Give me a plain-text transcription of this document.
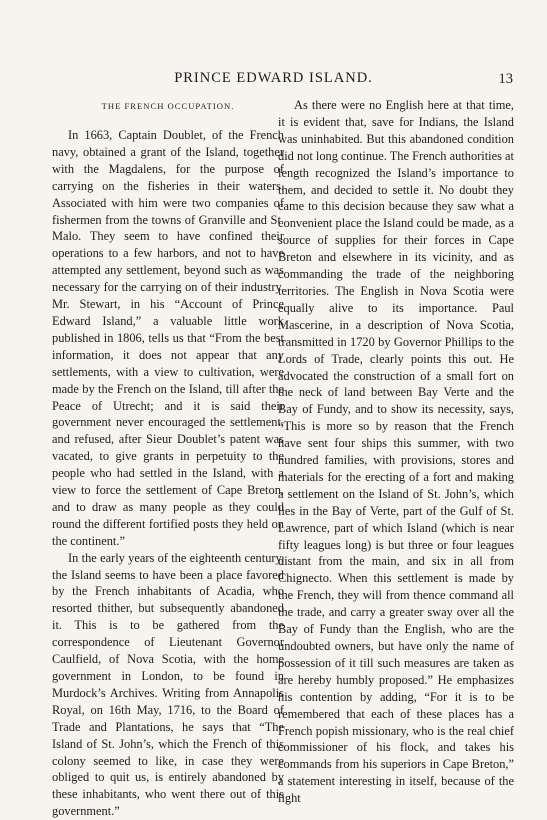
PRINCE EDWARD ISLAND.	13
THE FRENCH OCCUPATION.

In 1663, Captain Doublet, of the French navy, obtained a grant of the Island, together with the Magdalens, for the purpose of carrying on the fisheries in their waters. Associated with him were two companies of fishermen from the towns of Granville and St. Malo. They seem to have confined their operations to a few harbors, and not to have attempted any settlement, beyond such as was necessary for the carrying on of their industry. Mr. Stewart, in his “Account of Prince Edward Island,” a valuable little work published in 1806, tells us that “From the best information, it does not appear that any settlements, with a view to cultivation, were made by the French on the Island, till after the Peace of Utrecht; and it is said their government never encouraged the settlement, and refused, after Sieur Doublet’s patent was vacated, to give grants in perpetuity to the people who had settled in the Island, with a view to force the settlement of Cape Breton, and to draw as many people as they could round the different fortified posts they held on the continent.”

In the early years of the eighteenth century, the Island seems to have been a place favored by the French inhabitants of Acadia, who resorted thither, but subsequently abandoned it. This is to be gathered from the correspondence of Lieutenant Governor Caulfield, of Nova Scotia, with the home government in London, to be found in Murdock’s Archives. Writing from Annapolis Royal, on 16th May, 1716, to the Board of Trade and Plantations, he says that “The Island of St. John’s, which the French of this colony seemed to like, in case they were obliged to quit us, is entirely abandoned by these inhabitants, who went there out of this government.”

As there were no English here at that time, it is evident that, save for Indians, the Island was uninhabited. But this abandoned condition did not long continue. The French authorities at length recognized the Island’s importance to them, and decided to settle it. No doubt they came to this decision because they saw what a convenient place the Island could be made, as a source of supplies for their forces in Cape Breton and elsewhere in its vicinity, and as commanding the trade of the neighboring territories. The English in Nova Scotia were equally alive to its importance. Paul Mascerine, in a description of Nova Scotia, transmitted in 1720 by Governor Phillips to the Lords of Trade, clearly points this out. He advocated the construction of a small fort on the neck of land between Bay Verte and the Bay of Fundy, and to show its necessity, says, “This is more so by reason that the French have sent four ships this summer, with two hundred families, with provisions, stores and materials for the erecting of a fort and making a settlement on the Island of St. John’s, which lies in the Bay of Verte, part of the Gulf of St. Lawrence, part of which Island (which is near fifty leagues long) is but three or four leagues distant from the main, and six in all from Chignecto. When this settlement is made by the French, they will from thence command all the trade, and carry a greater sway over all the Bay of Fundy than the English, who are the undoubted owners, but have only the name of possession of it till such measures are taken as are hereby humbly proposed.” He emphasizes his contention by adding, “For it is to be remembered that each of these places has a French popish missionary, who is the real chief commissioner of his flock, and takes his commands from his superiors in Cape Breton,” a statement interesting in itself, because of the light
